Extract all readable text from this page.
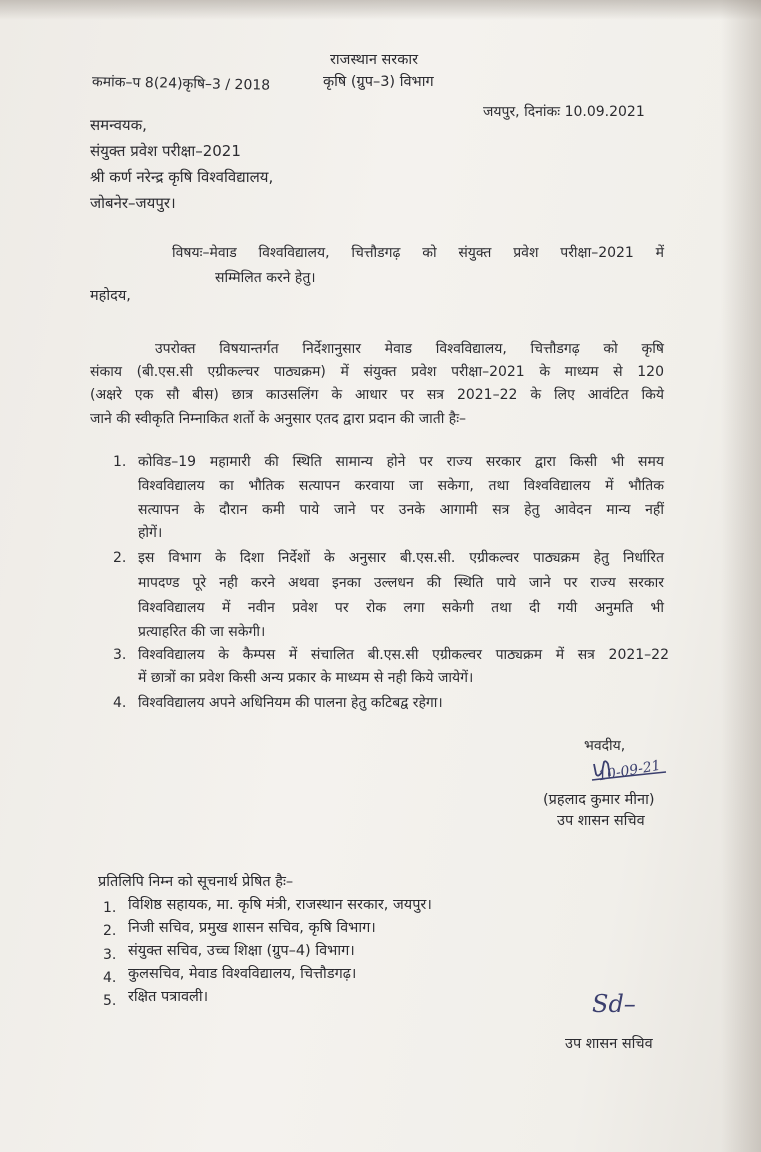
राजस्थान सरकार
कृषि (ग्रुप–3) विभाग
कमांक–प 8(24)कृषि–3 / 2018
जयपुर, दिनांकः 10.09.2021
समन्वयक,
संयुक्त प्रवेश परीक्षा–2021
श्री कर्ण नरेन्द्र कृषि विश्वविद्यालय,
जोबनेर–जयपुर।
विषयः–मेवाड विश्वविद्यालय, चित्तौडगढ़ को संयुक्त प्रवेश परीक्षा–2021 में
सम्मिलित करने हेतु।
महोदय,
उपरोक्त विषयान्तर्गत निर्देशानुसार मेवाड विश्वविद्यालय, चित्तौडगढ़ को कृषि
संकाय (बी.एस.सी एग्रीकल्चर पाठ्यक्रम) में संयुक्त प्रवेश परीक्षा–2021 के माध्यम से 120
(अक्षरे एक सौ बीस) छात्र काउसलिंग के आधार पर सत्र 2021–22 के लिए आवंटित किये
जाने की स्वीकृति निम्नाकित शर्तो के अनुसार एतद द्वारा प्रदान की जाती हैः–
1. कोविड–19 महामारी की स्थिति सामान्य होने पर राज्य सरकार द्वारा किसी भी समय
विश्वविद्यालय का भौतिक सत्यापन करवाया जा सकेगा, तथा विश्वविद्यालय में भौतिक
सत्यापन के दौरान कमी पाये जाने पर उनके आगामी सत्र हेतु आवेदन मान्य नहीं
होगें।
2. इस विभाग के दिशा निर्देशों के अनुसार बी.एस.सी. एग्रीकल्वर पाठ्यक्रम हेतु निर्धारित
मापदण्ड पूरे नही करने अथवा इनका उल्लधन की स्थिति पाये जाने पर राज्य सरकार
विश्वविद्यालय में नवीन प्रवेश पर रोक लगा सकेगी तथा दी गयी अनुमति भी
प्रत्याहरित की जा सकेगी।
3. विश्वविद्यालय के कैम्पस में संचालित बी.एस.सी एग्रीकल्वर पाठ्यक्रम में सत्र 2021–22
में छात्रों का प्रवेश किसी अन्य प्रकार के माध्यम से नही किये जायेगें।
4. विश्वविद्यालय अपने अधिनियम की पालना हेतु कटिबद्व रहेगा।
भवदीय,
10-09-21
(प्रहलाद कुमार मीना)
उप शासन सचिव
प्रतिलिपि निम्न को सूचनार्थ प्रेषित हैः–
1. विशिष्ठ सहायक, मा. कृषि मंत्री, राजस्थान सरकार, जयपुर।
2. निजी सचिव, प्रमुख शासन सचिव, कृषि विभाग।
3. संयुक्त सचिव, उच्च शिक्षा (ग्रुप–4) विभाग।
4. कुलसचिव, मेवाड विश्वविद्यालय, चित्तौडगढ़।
5. रक्षित पत्रावली।	Sd–
उप शासन सचिव
